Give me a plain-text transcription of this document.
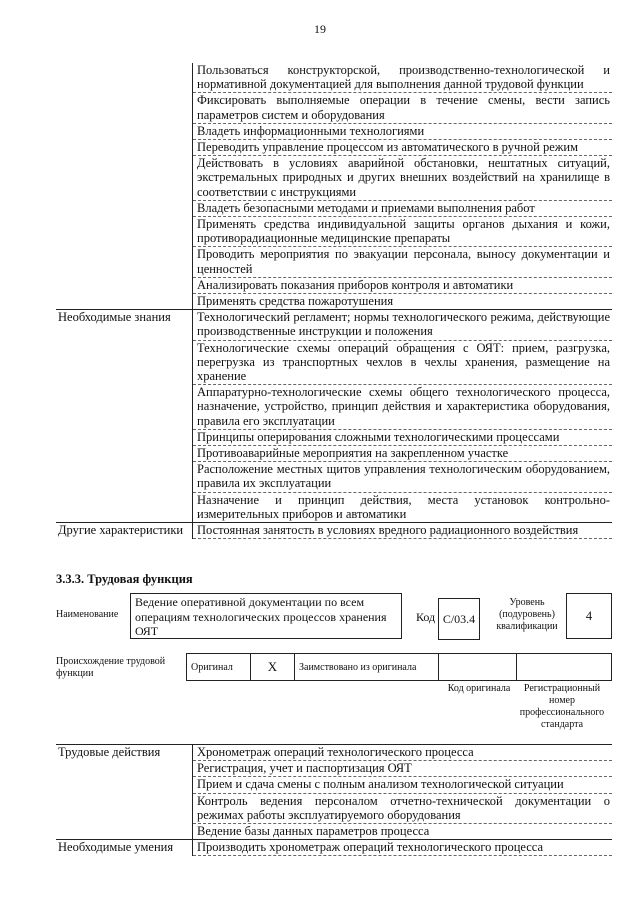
19
	Пользоваться конструкторской, производственно-технологической и нормативной документацией для выполнения данной трудовой функции
	Фиксировать выполняемые операции в течение смены, вести запись параметров систем и оборудования
	Владеть информационными технологиями
	Переводить управление процессом из автоматического в ручной режим
	Действовать в условиях аварийной обстановки, нештатных ситуаций, экстремальных природных и других внешних воздействий на хранилище в соответствии с инструкциями
	Владеть безопасными методами и приемами выполнения работ
	Применять средства индивидуальной защиты органов дыхания и кожи, противорадиационные медицинские препараты
	Проводить мероприятия по эвакуации персонала, выносу документации и ценностей
	Анализировать показания приборов контроля и автоматики
	Применять средства пожаротушения
Необходимые знания	Технологический регламент; нормы технологического режима, действующие производственные инструкции и положения
	Технологические схемы операций обращения с ОЯТ: прием, разгрузка, перегрузка из транспортных чехлов в чехлы хранения, размещение на хранение
	Аппаратурно-технологические схемы общего технологического процесса, назначение, устройство, принцип действия и характеристика оборудования, правила его эксплуатации
	Принципы оперирования сложными технологическими процессами
	Противоаварийные мероприятия на закрепленном участке
	Расположение местных щитов управления технологическим оборудованием, правила их эксплуатации
	Назначение и принцип действия, места установок контрольно-измерительных приборов и автоматики
Другие характеристики	Постоянная занятость в условиях вредного радиационного воздействия
3.3.3. Трудовая функция
Наименование
Ведение оперативной документации по всем операциям технологических процессов хранения ОЯТ
Код С/03.4
Уровень (подуровень) квалификации
4
Происхождение трудовой функции
Оригинал	X	Заимствовано из оригинала
Код оригинала	Регистрационный номер профессионального стандарта
Трудовые действия	Хронометраж операций технологического процесса
	Регистрация, учет и паспортизация ОЯТ
	Прием и сдача смены с полным анализом технологической ситуации
	Контроль ведения персоналом отчетно-технической документации о режимах работы эксплуатируемого оборудования
	Ведение базы данных параметров процесса
Необходимые умения	Производить хронометраж операций технологического процесса
